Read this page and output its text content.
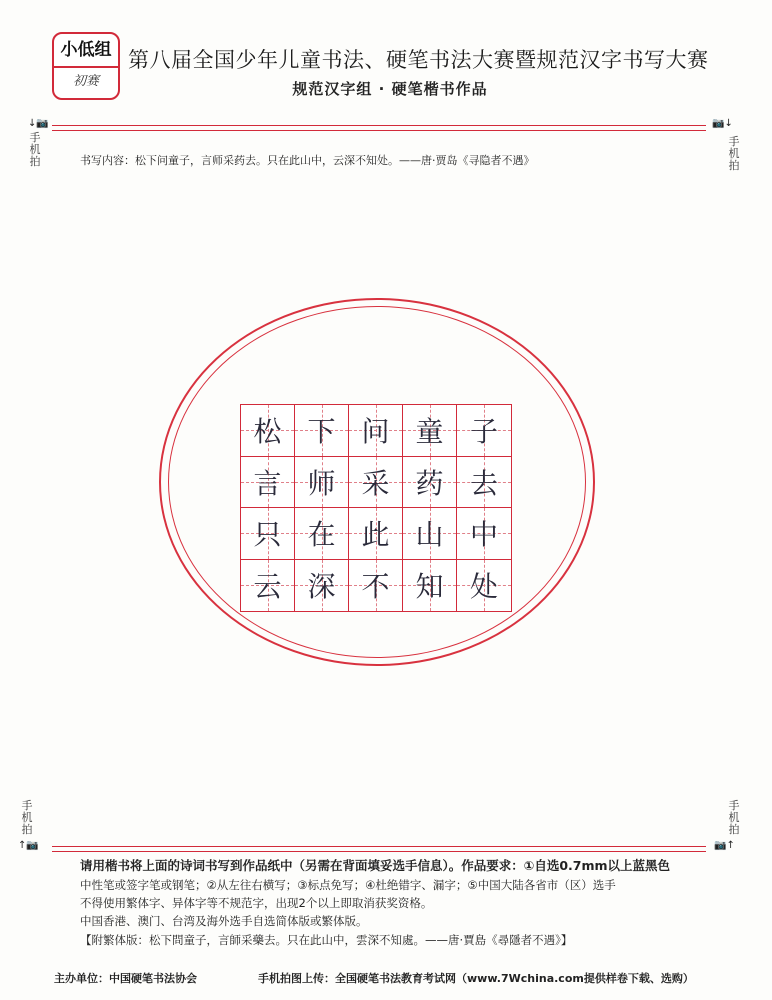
小低组
初赛
第八届全国少年儿童书法、硬笔书法大赛暨规范汉字书写大赛
规范汉字组 · 硬笔楷书作品
↓📷
手机拍
📷↓
手机拍
书写内容：松下问童子，言师采药去。只在此山中，云深不知处。——唐·贾岛《寻隐者不遇》
松 下 问 童 子
言 师 采 药 去
只 在 此 山 中
云 深 不 知 处
手机拍
↑📷
手机拍
📷↑
请用楷书将上面的诗词书写到作品纸中（另需在背面填妥选手信息）。作品要求：①自选0.7mm以上蓝黑色
中性笔或签字笔或钢笔；②从左往右横写；③标点免写；④杜绝错字、漏字；⑤中国大陆各省市（区）选手
不得使用繁体字、异体字等不规范字，出现2个以上即取消获奖资格。
中国香港、澳门、台湾及海外选手自选简体版或繁体版。
【附繁体版：松下問童子，言師采藥去。只在此山中，雲深不知處。——唐·賈島《尋隱者不遇》】
主办单位：中国硬笔书法协会	手机拍图上传：全国硬笔书法教育考试网（www.7Wchina.com提供样卷下载、选购）
